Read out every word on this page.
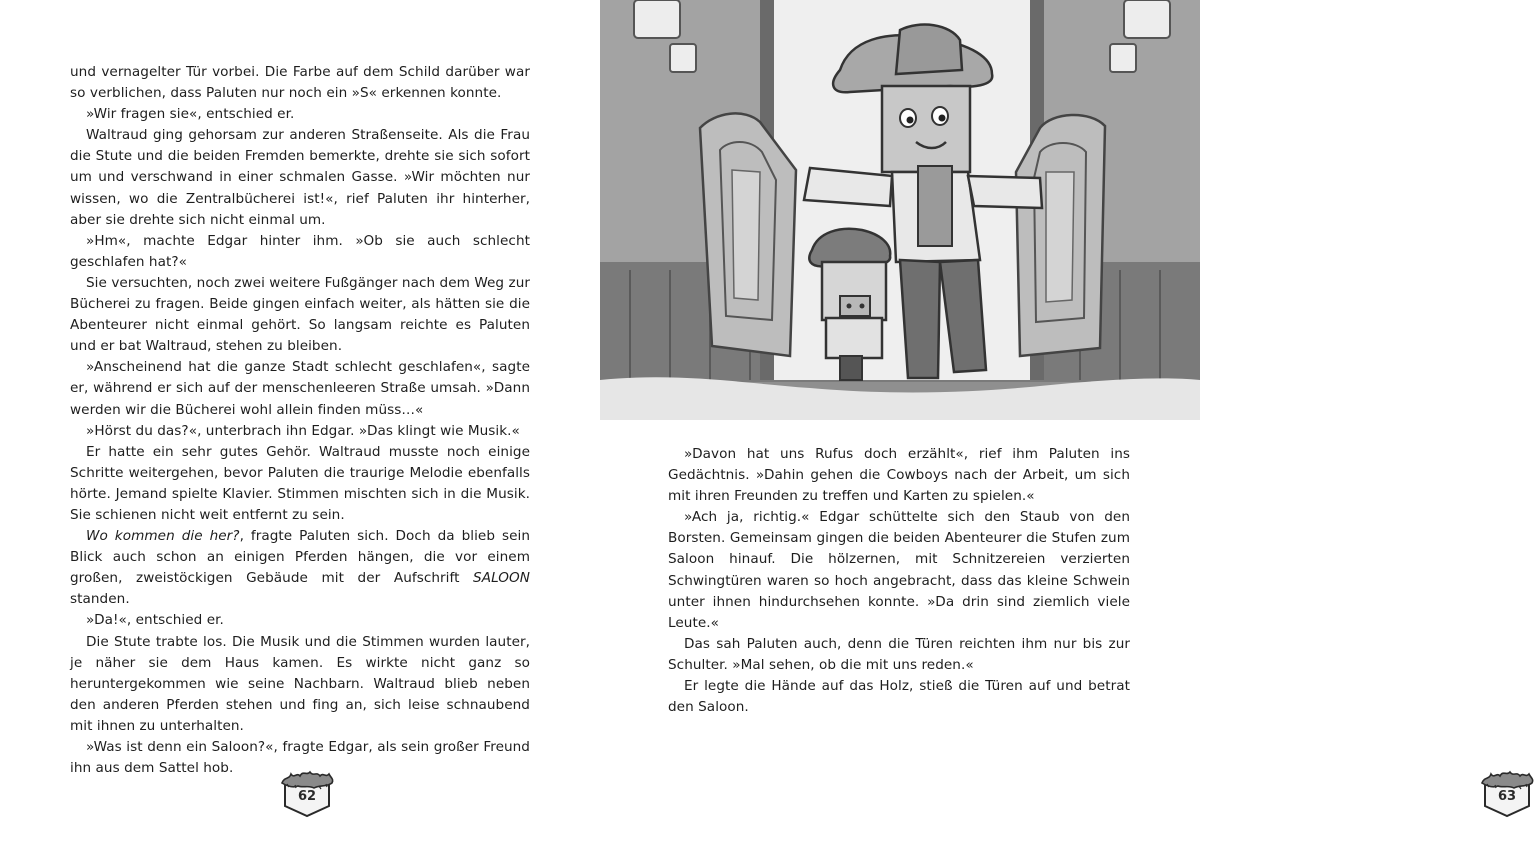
und vernagelter Tür vorbei. Die Farbe auf dem Schild darüber war so verblichen, dass Paluten nur noch ein »S« erkennen konnte.

»Wir fragen sie«, entschied er.

Waltraud ging gehorsam zur anderen Straßenseite. Als die Frau die Stute und die beiden Fremden bemerkte, drehte sie sich sofort um und verschwand in einer schmalen Gasse. »Wir möchten nur wissen, wo die Zentralbücherei ist!«, rief Paluten ihr hinterher, aber sie drehte sich nicht einmal um.

»Hm«, machte Edgar hinter ihm. »Ob sie auch schlecht geschlafen hat?«

Sie versuchten, noch zwei weitere Fußgänger nach dem Weg zur Bücherei zu fragen. Beide gingen einfach weiter, als hätten sie die Abenteurer nicht einmal gehört. So langsam reichte es Paluten und er bat Waltraud, stehen zu bleiben.

»Anscheinend hat die ganze Stadt schlecht geschlafen«, sagte er, während er sich auf der menschenleeren Straße umsah. »Dann werden wir die Bücherei wohl allein finden müss…«

»Hörst du das?«, unterbrach ihn Edgar. »Das klingt wie Musik.«

Er hatte ein sehr gutes Gehör. Waltraud musste noch einige Schritte weitergehen, bevor Paluten die traurige Melodie ebenfalls hörte. Jemand spielte Klavier. Stimmen mischten sich in die Musik. Sie schienen nicht weit entfernt zu sein.

Wo kommen die her?, fragte Paluten sich. Doch da blieb sein Blick auch schon an einigen Pferden hängen, die vor einem großen, zweistöckigen Gebäude mit der Aufschrift SALOON standen.

»Da!«, entschied er.

Die Stute trabte los. Die Musik und die Stimmen wurden lauter, je näher sie dem Haus kamen. Es wirkte nicht ganz so heruntergekommen wie seine Nachbarn. Waltraud blieb neben den anderen Pferden stehen und fing an, sich leise schnaubend mit ihnen zu unterhalten.

»Was ist denn ein Saloon?«, fragte Edgar, als sein großer Freund ihn aus dem Sattel hob.

62

»Davon hat uns Rufus doch erzählt«, rief ihm Paluten ins Gedächtnis. »Dahin gehen die Cowboys nach der Arbeit, um sich mit ihren Freunden zu treffen und Karten zu spielen.«

»Ach ja, richtig.« Edgar schüttelte sich den Staub von den Borsten. Gemeinsam gingen die beiden Abenteurer die Stufen zum Saloon hinauf. Die hölzernen, mit Schnitzereien verzierten Schwingtüren waren so hoch angebracht, dass das kleine Schwein unter ihnen hindurchsehen konnte. »Da drin sind ziemlich viele Leute.«

Das sah Paluten auch, denn die Türen reichten ihm nur bis zur Schulter. »Mal sehen, ob die mit uns reden.«

Er legte die Hände auf das Holz, stieß die Türen auf und betrat den Saloon.

63
